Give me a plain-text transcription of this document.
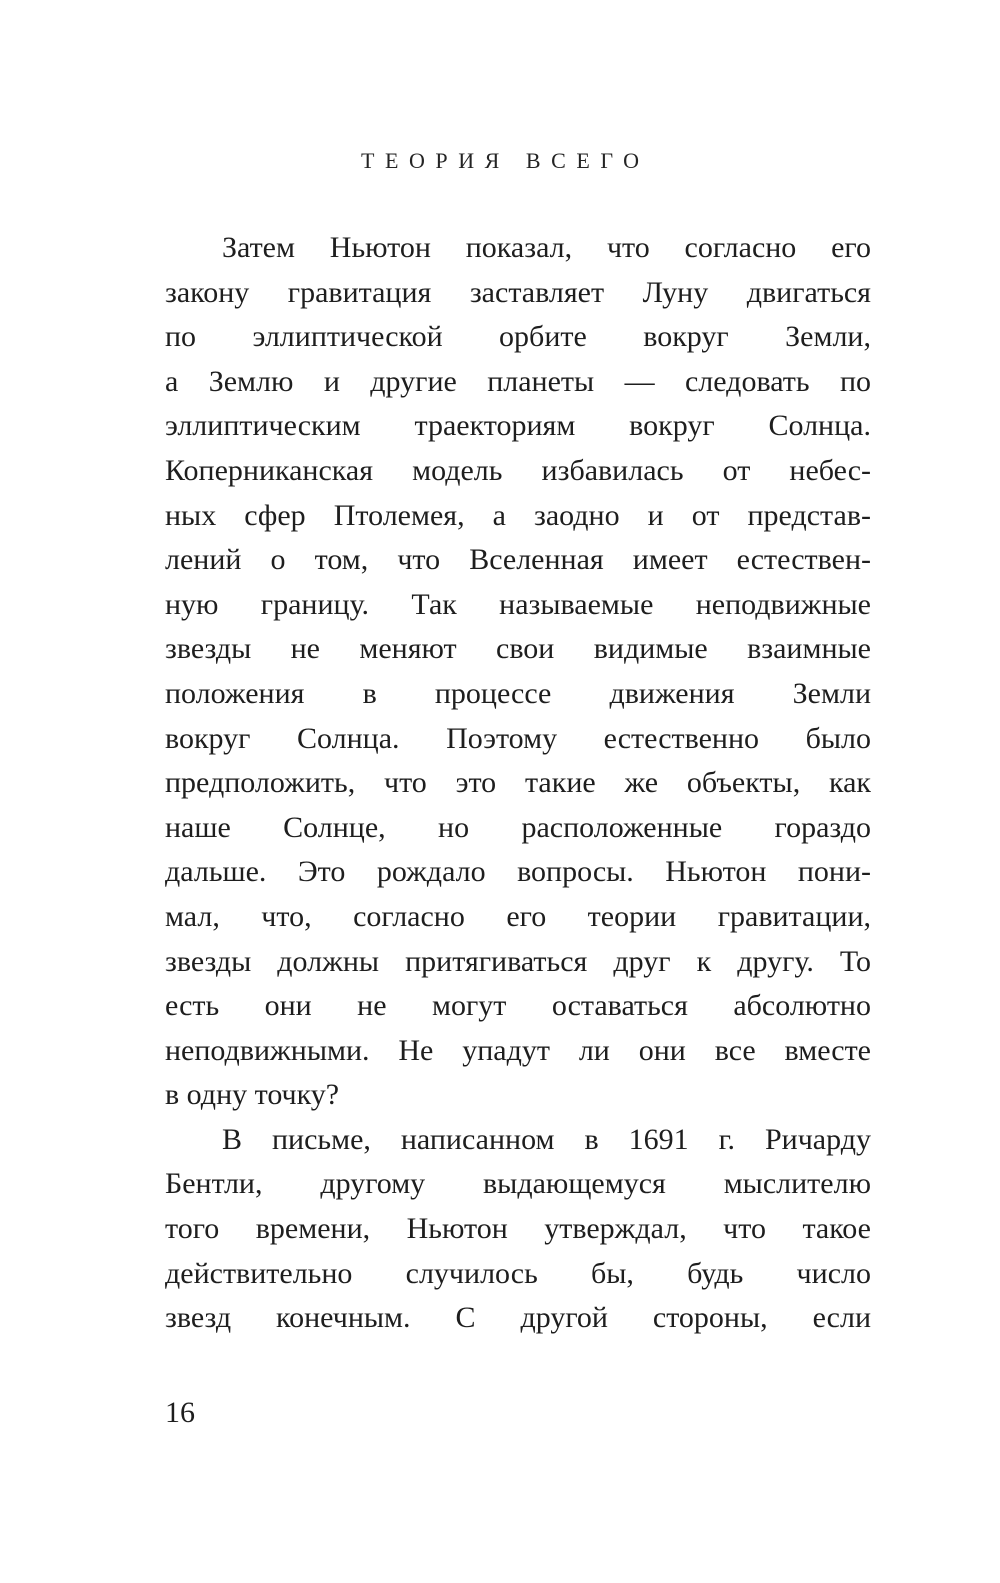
ТЕОРИЯ ВСЕГО
Затем Ньютон показал, что согласно его
закону гравитация заставляет Луну двигаться
по эллиптической орбите вокруг Земли,
а Землю и другие планеты — следовать по
эллиптическим траекториям вокруг Солнца.
Коперниканская модель избавилась от небес-
ных сфер Птолемея, а заодно и от представ-
лений о том, что Вселенная имеет естествен-
ную границу. Так называемые неподвижные
звезды не меняют свои видимые взаимные
положения в процессе движения Земли
вокруг Солнца. Поэтому естественно было
предположить, что это такие же объекты, как
наше Солнце, но расположенные гораздо
дальше. Это рождало вопросы. Ньютон пони-
мал, что, согласно его теории гравитации,
звезды должны притягиваться друг к другу. То
есть они не могут оставаться абсолютно
неподвижными. Не упадут ли они все вместе
в одну точку?
В письме, написанном в 1691 г. Ричарду
Бентли, другому выдающемуся мыслителю
того времени, Ньютон утверждал, что такое
действительно случилось бы, будь число
звезд конечным. С другой стороны, если
16
